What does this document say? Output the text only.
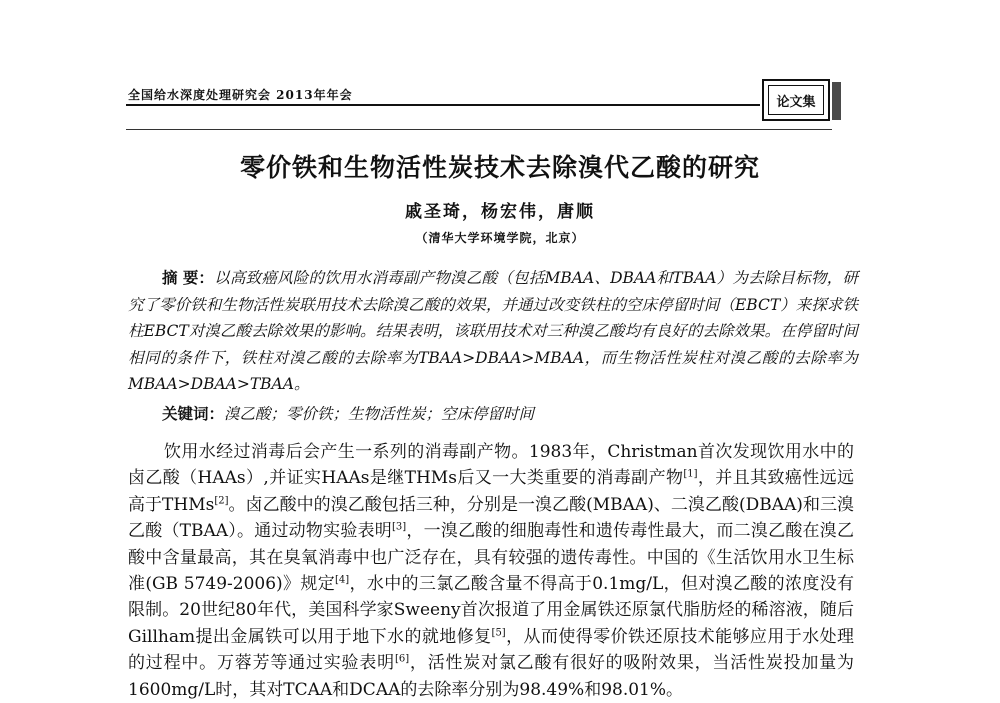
全国给水深度处理研究会 2013年年会	论文集
零价铁和生物活性炭技术去除溴代乙酸的研究
戚圣琦，杨宏伟，唐顺
（清华大学环境学院，北京）
摘 要：以高致癌风险的饮用水消毒副产物溴乙酸（包括MBAA、DBAA和TBAA）为去除目标物，研究了零价铁和生物活性炭联用技术去除溴乙酸的效果，并通过改变铁柱的空床停留时间（EBCT）来探求铁柱EBCT对溴乙酸去除效果的影响。结果表明，该联用技术对三种溴乙酸均有良好的去除效果。在停留时间相同的条件下，铁柱对溴乙酸的去除率为TBAA>DBAA>MBAA，而生物活性炭柱对溴乙酸的去除率为MBAA>DBAA>TBAA。
关键词：溴乙酸；零价铁；生物活性炭；空床停留时间
饮用水经过消毒后会产生一系列的消毒副产物。1983年，Christman首次发现饮用水中的卤乙酸（HAAs）,并证实HAAs是继THMs后又一大类重要的消毒副产物[1]，并且其致癌性远远高于THMs[2]。卤乙酸中的溴乙酸包括三种，分别是一溴乙酸(MBAA)、二溴乙酸(DBAA)和三溴乙酸（TBAA）。通过动物实验表明[3]，一溴乙酸的细胞毒性和遗传毒性最大，而二溴乙酸在溴乙酸中含量最高，其在臭氧消毒中也广泛存在，具有较强的遗传毒性。中国的《生活饮用水卫生标准(GB 5749-2006)》规定[4]，水中的三氯乙酸含量不得高于0.1mg/L，但对溴乙酸的浓度没有限制。20世纪80年代，美国科学家Sweeny首次报道了用金属铁还原氯代脂肪烃的稀溶液，随后Gillham提出金属铁可以用于地下水的就地修复[5]，从而使得零价铁还原技术能够应用于水处理的过程中。万蓉芳等通过实验表明[6]，活性炭对氯乙酸有很好的吸附效果，当活性炭投加量为1600mg/L时，其对TCAA和DCAA的去除率分别为98.49%和98.01%。
